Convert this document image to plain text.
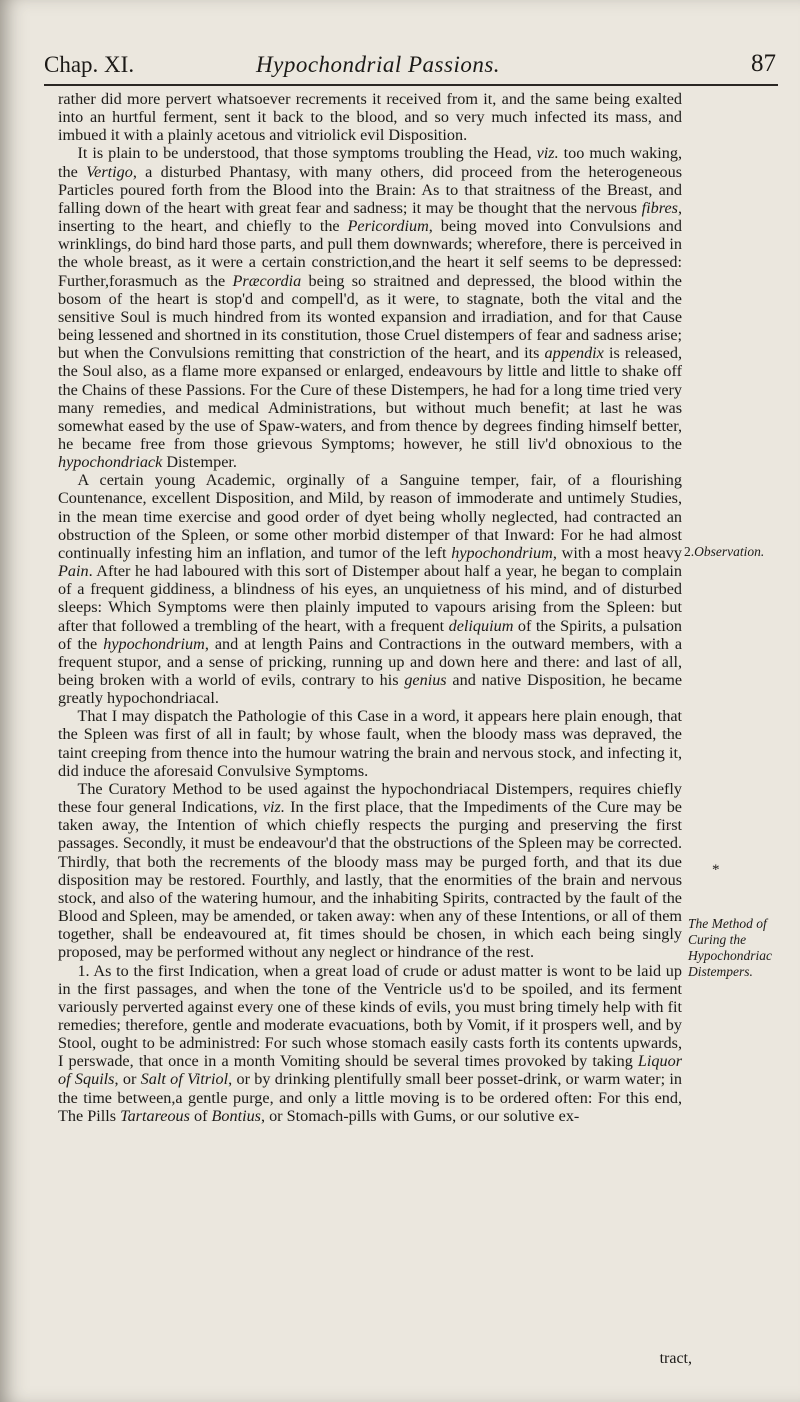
Chap. XI.	Hypochondrial Passions.	87

rather did more pervert whatsoever recrements it received from it, and the same being exalted into an hurtful ferment, sent it back to the blood, and so very much infected its mass, and imbued it with a plainly acetous and vitriolick evil Disposition.

It is plain to be understood, that those symptoms troubling the Head, viz. too much waking, the Vertigo, a disturbed Phantasy, with many others, did proceed from the heterogeneous Particles poured forth from the Blood into the Brain: As to that straitness of the Breast, and falling down of the heart with great fear and sadness; it may be thought that the nervous fibres, inserting to the heart, and chiefly to the Pericordium, being moved into Convulsions and wrinklings, do bind hard those parts, and pull them downwards; wherefore, there is perceived in the whole breast, as it were a certain constriction,and the heart it self seems to be depressed: Further,forasmuch as the Præcordia being so straitned and depressed, the blood within the bosom of the heart is stop'd and compell'd, as it were, to stagnate, both the vital and the sensitive Soul is much hindred from its wonted expansion and irradiation, and for that Cause being lessened and shortned in its constitution, those Cruel distempers of fear and sadness arise; but when the Convulsions remitting that constriction of the heart, and its appendix is released, the Soul also, as a flame more expansed or enlarged, endeavours by little and little to shake off the Chains of these Passions. For the Cure of these Distempers, he had for a long time tried very many remedies, and medical Administrations, but without much benefit; at last he was somewhat eased by the use of Spaw-waters, and from thence by degrees finding himself better, he became free from those grievous Symptoms; however, he still liv'd obnoxious to the hypochondriack Distemper.

A certain young Academic, orginally of a Sanguine temper, fair, of a flourishing Countenance, excellent Disposition, and Mild, by reason of immoderate and untimely Studies, in the mean time exercise and good order of dyet being wholly neglected, had contracted an obstruction of the Spleen, or some other morbid distemper of that Inward: For he had almost continually infesting him an inflation, and tumor of the left hypochondrium, with a most heavy Pain. After he had laboured with this sort of Distemper about half a year, he began to complain of a frequent giddiness, a blindness of his eyes, an unquietness of his mind, and of disturbed sleeps: Which Symptoms were then plainly imputed to vapours arising from the Spleen: but after that followed a trembling of the heart, with a frequent deliquium of the Spirits, a pulsation of the hypochondrium, and at length Pains and Contractions in the outward members, with a frequent stupor, and a sense of pricking, running up and down here and there: and last of all, being broken with a world of evils, contrary to his genius and native Disposition, he became greatly hypochondriacal.

That I may dispatch the Pathologie of this Case in a word, it appears here plain enough, that the Spleen was first of all in fault; by whose fault, when the bloody mass was depraved, the taint creeping from thence into the humour watring the brain and nervous stock, and infecting it, did induce the aforesaid Convulsive Symptoms.

The Curatory Method to be used against the hypochondriacal Distempers, requires chiefly these four general Indications, viz. In the first place, that the Impediments of the Cure may be taken away, the Intention of which chiefly respects the purging and preserving the first passages. Secondly, it must be endeavour'd that the obstructions of the Spleen may be corrected. Thirdly, that both the recrements of the bloody mass may be purged forth, and that its due disposition may be restored. Fourthly, and lastly, that the enormities of the brain and nervous stock, and also of the watering humour, and the inhabiting Spirits, contracted by the fault of the Blood and Spleen, may be amended, or taken away: when any of these Intentions, or all of them together, shall be endeavoured at, fit times should be chosen, in which each being singly proposed, may be performed without any neglect or hindrance of the rest.

1. As to the first Indication, when a great load of crude or adust matter is wont to be laid up in the first passages, and when the tone of the Ventricle us'd to be spoiled, and its ferment variously perverted against every one of these kinds of evils, you must bring timely help with fit remedies; therefore, gentle and moderate evacuations, both by Vomit, if it prospers well, and by Stool, ought to be administred: For such whose stomach easily casts forth its contents upwards, I perswade, that once in a month Vomiting should be several times provoked by taking Liquor of Squils, or Salt of Vitriol, or by drinking plentifully small beer posset-drink, or warm water; in the time between,a gentle purge, and only a little moving is to be ordered often: For this end, The Pills Tartareous of Bontius, or Stomach-pills with Gums, or our solutive ex-

tract,
2.Observation.
The Method of Curing the Hypochondriac Distempers.
*
